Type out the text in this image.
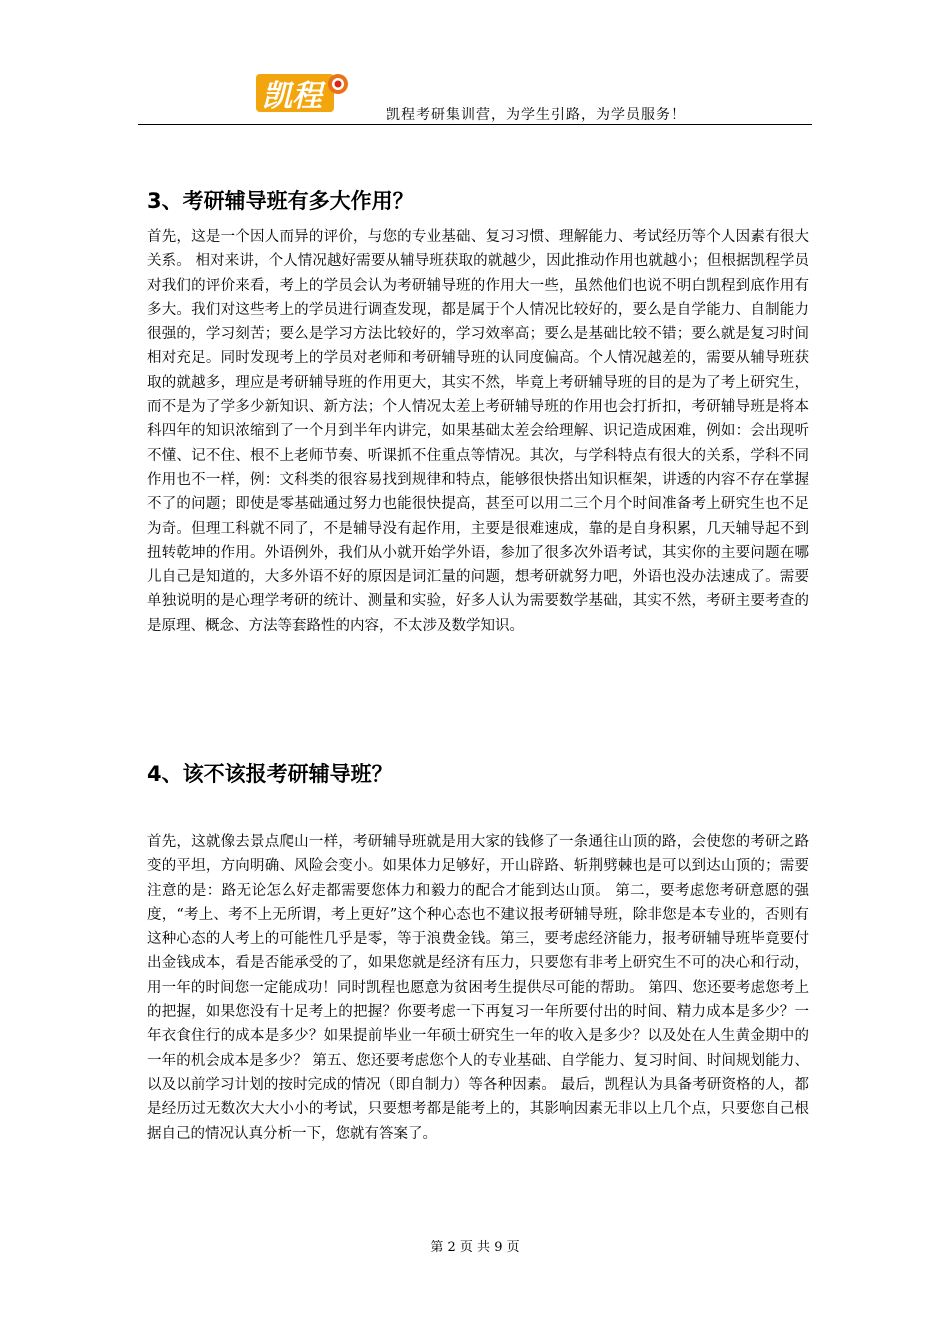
凯程
凯程考研集训营，为学生引路，为学员服务！
3、考研辅导班有多大作用？

首先，这是一个因人而异的评价，与您的专业基础、复习习惯、理解能力、考试经历等个人因素有很大关系。 相对来讲，个人情况越好需要从辅导班获取的就越少，因此推动作用也就越小；但根据凯程学员对我们的评价来看，考上的学员会认为考研辅导班的作用大一些，虽然他们也说不明白凯程到底作用有多大。我们对这些考上的学员进行调查发现，都是属于个人情况比较好的，要么是自学能力、自制能力很强的，学习刻苦；要么是学习方法比较好的，学习效率高；要么是基础比较不错；要么就是复习时间相对充足。同时发现考上的学员对老师和考研辅导班的认同度偏高。个人情况越差的，需要从辅导班获取的就越多，理应是考研辅导班的作用更大，其实不然，毕竟上考研辅导班的目的是为了考上研究生，而不是为了学多少新知识、新方法；个人情况太差上考研辅导班的作用也会打折扣，考研辅导班是将本科四年的知识浓缩到了一个月到半年内讲完，如果基础太差会给理解、识记造成困难，例如：会出现听不懂、记不住、根不上老师节奏、听课抓不住重点等情况。其次，与学科特点有很大的关系，学科不同作用也不一样，例：文科类的很容易找到规律和特点，能够很快搭出知识框架，讲透的内容不存在掌握不了的问题；即使是零基础通过努力也能很快提高，甚至可以用二三个月个时间准备考上研究生也不足为奇。但理工科就不同了，不是辅导没有起作用，主要是很难速成，靠的是自身积累，几天辅导起不到扭转乾坤的作用。外语例外，我们从小就开始学外语，参加了很多次外语考试，其实你的主要问题在哪儿自己是知道的，大多外语不好的原因是词汇量的问题，想考研就努力吧，外语也没办法速成了。需要单独说明的是心理学考研的统计、测量和实验，好多人认为需要数学基础，其实不然，考研主要考查的是原理、概念、方法等套路性的内容，不太涉及数学知识。

4、该不该报考研辅导班？

首先，这就像去景点爬山一样，考研辅导班就是用大家的钱修了一条通往山顶的路，会使您的考研之路变的平坦，方向明确、风险会变小。如果体力足够好，开山辟路、斩荆劈棘也是可以到达山顶的；需要注意的是：路无论怎么好走都需要您体力和毅力的配合才能到达山顶。 第二，要考虑您考研意愿的强度，“考上、考不上无所谓，考上更好”这个种心态也不建议报考研辅导班，除非您是本专业的，否则有这种心态的人考上的可能性几乎是零，等于浪费金钱。第三，要考虑经济能力，报考研辅导班毕竟要付出金钱成本，看是否能承受的了，如果您就是经济有压力，只要您有非考上研究生不可的决心和行动，用一年的时间您一定能成功！同时凯程也愿意为贫困考生提供尽可能的帮助。 第四、您还要考虑您考上的把握，如果您没有十足考上的把握？你要考虑一下再复习一年所要付出的时间、精力成本是多少？一年衣食住行的成本是多少？如果提前毕业一年硕士研究生一年的收入是多少？以及处在人生黄金期中的一年的机会成本是多少？ 第五、您还要考虑您个人的专业基础、自学能力、复习时间、时间规划能力、以及以前学习计划的按时完成的情况（即自制力）等各种因素。 最后，凯程认为具备考研资格的人，都是经历过无数次大大小小的考试，只要想考都是能考上的，其影响因素无非以上几个点，只要您自己根据自己的情况认真分析一下，您就有答案了。

第 2 页 共 9 页
